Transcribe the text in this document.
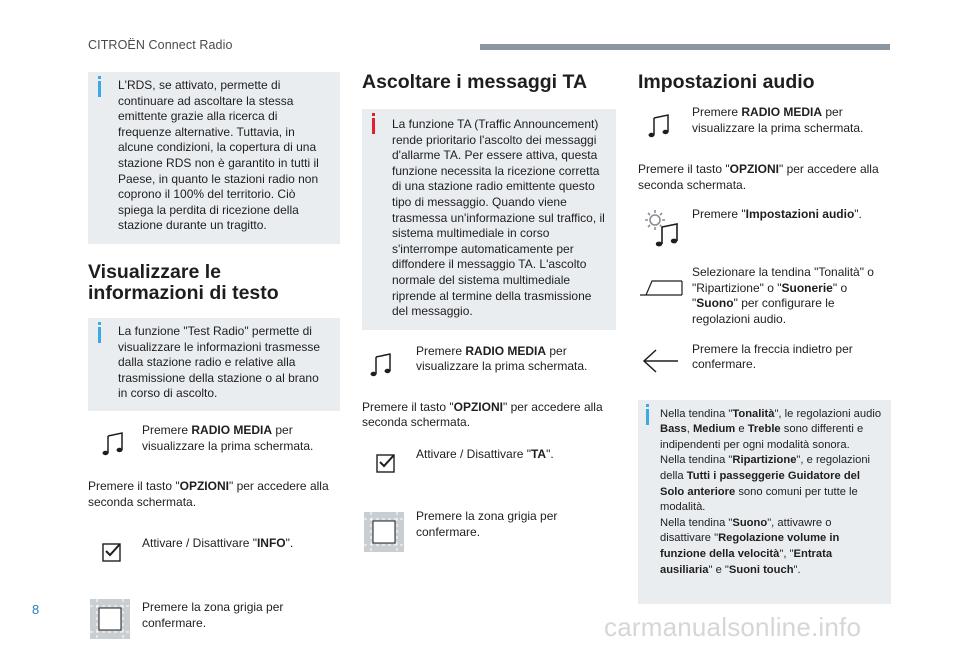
CITROËN Connect Radio
L'RDS, se attivato, permette di continuare ad ascoltare la stessa emittente grazie alla ricerca di frequenze alternative. Tuttavia, in alcune condizioni, la copertura di una stazione RDS non è garantito in tutti il Paese, in quanto le stazioni radio non coprono il 100% del territorio. Ciò spiega la perdita di ricezione della stazione durante un tragitto.
Visualizzare le informazioni di testo
La funzione "Test Radio" permette di visualizzare le informazioni trasmesse dalla stazione radio e relative alla trasmissione della stazione o al brano in corso di ascolto.
Premere RADIO MEDIA per visualizzare la prima schermata.
Premere il tasto "OPZIONI" per accedere alla seconda schermata.
Attivare / Disattivare "INFO".
Premere la zona grigia per confermare.
Ascoltare i messaggi TA
La funzione TA (Traffic Announcement) rende prioritario l'ascolto dei messaggi d'allarme TA. Per essere attiva, questa funzione necessita la ricezione corretta di una stazione radio emittente questo tipo di messaggio. Quando viene trasmessa un'informazione sul traffico, il sistema multimediale in corso s'interrompe automaticamente per diffondere il messaggio TA. L'ascolto normale del sistema multimediale riprende al termine della trasmissione del messaggio.
Premere RADIO MEDIA per visualizzare la prima schermata.
Premere il tasto "OPZIONI" per accedere alla seconda schermata.
Attivare / Disattivare "TA".
Premere la zona grigia per confermare.
Impostazioni audio
Premere RADIO MEDIA per visualizzare la prima schermata.
Premere il tasto "OPZIONI" per accedere alla seconda schermata.
Premere "Impostazioni audio".
Selezionare la tendina "Tonalità" o "Ripartizione" o "Suonerie" o "Suono" per configurare le regolazioni audio.
Premere la freccia indietro per confermare.
Nella tendina "Tonalità", le regolazioni audio Bass, Medium e Treble sono differenti e indipendenti per ogni modalità sonora.
Nella tendina "Ripartizione", e regolazioni della Tutti i passeggerie Guidatore del Solo anteriore sono comuni per tutte le modalità.
Nella tendina "Suono", attivawre o disattivare "Regolazione volume in funzione della velocità", "Entrata ausiliaria" e "Suoni touch".
8
carmanualsonline.info
